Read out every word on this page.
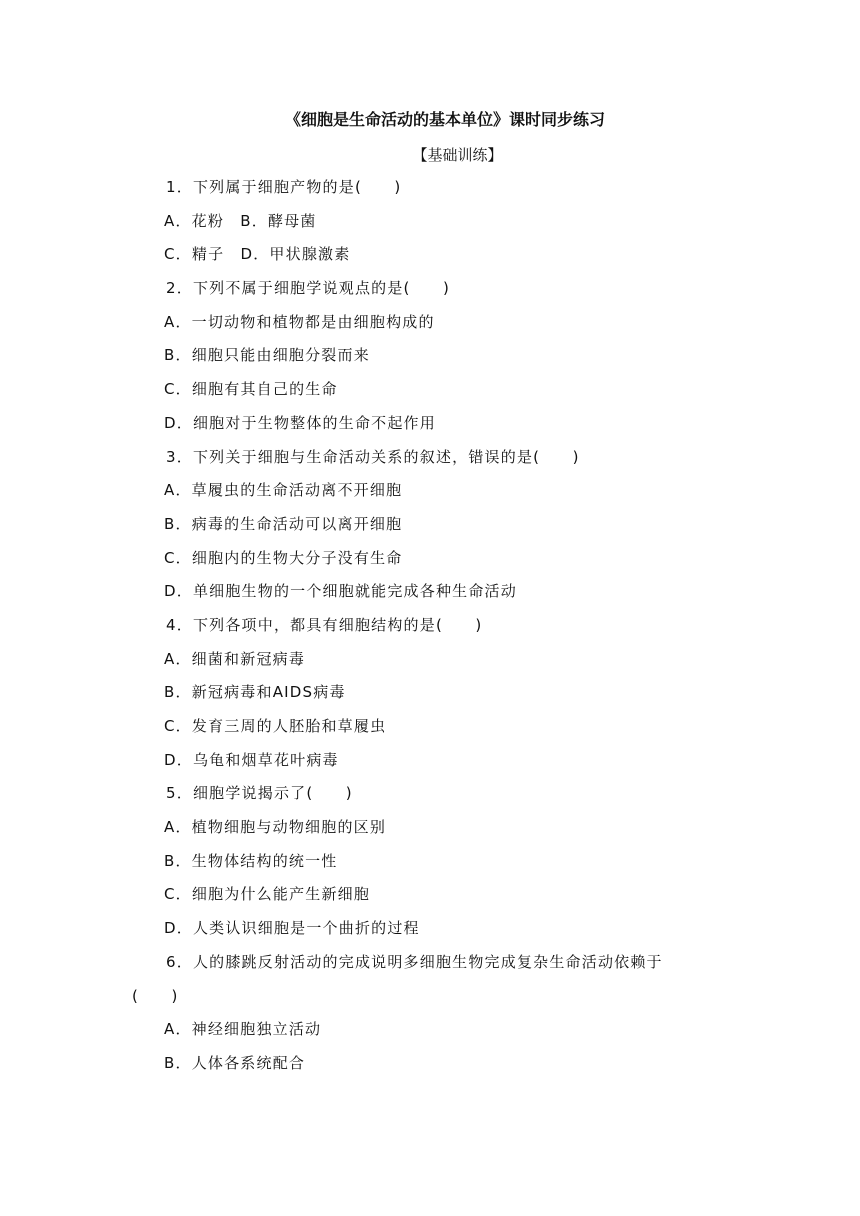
《细胞是生命活动的基本单位》课时同步练习
【基础训练】
1．下列属于细胞产物的是(　　)
A．花粉　B．酵母菌
C．精子　D．甲状腺激素
2．下列不属于细胞学说观点的是(　　)
A．一切动物和植物都是由细胞构成的
B．细胞只能由细胞分裂而来
C．细胞有其自己的生命
D．细胞对于生物整体的生命不起作用
3．下列关于细胞与生命活动关系的叙述，错误的是(　　)
A．草履虫的生命活动离不开细胞
B．病毒的生命活动可以离开细胞
C．细胞内的生物大分子没有生命
D．单细胞生物的一个细胞就能完成各种生命活动
4．下列各项中，都具有细胞结构的是(　　)
A．细菌和新冠病毒
B．新冠病毒和AIDS病毒
C．发育三周的人胚胎和草履虫
D．乌龟和烟草花叶病毒
5．细胞学说揭示了(　　)
A．植物细胞与动物细胞的区别
B．生物体结构的统一性
C．细胞为什么能产生新细胞
D．人类认识细胞是一个曲折的过程
6．人的膝跳反射活动的完成说明多细胞生物完成复杂生命活动依赖于
(　　)
A．神经细胞独立活动
B．人体各系统配合
